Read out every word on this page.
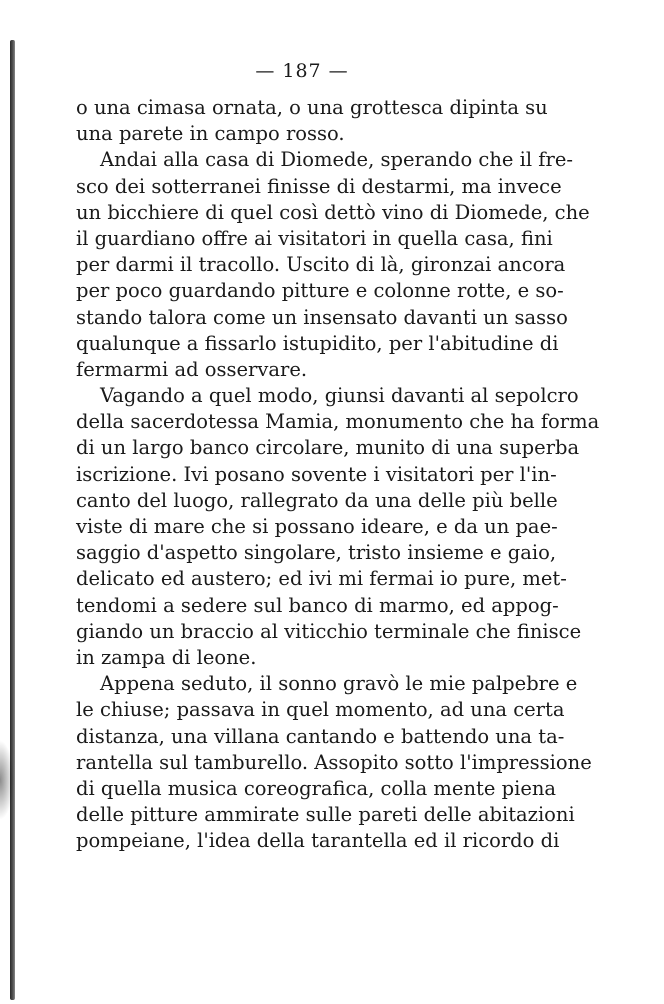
— 187 —
o una cimasa ornata, o una grottesca dipinta su
una parete in campo rosso.
Andai alla casa di Diomede, sperando che il fre-
sco dei sotterranei finisse di destarmi, ma invece
un bicchiere di quel così dettò vino di Diomede, che
il guardiano offre ai visitatori in quella casa, fini
per darmi il tracollo. Uscito di là, gironzai ancora
per poco guardando pitture e colonne rotte, e so-
stando talora come un insensato davanti un sasso
qualunque a fissarlo istupidito, per l'abitudine di
fermarmi ad osservare.
Vagando a quel modo, giunsi davanti al sepolcro
della sacerdotessa Mamia, monumento che ha forma
di un largo banco circolare, munito di una superba
iscrizione. Ivi posano sovente i visitatori per l'in-
canto del luogo, rallegrato da una delle più belle
viste di mare che si possano ideare, e da un pae-
saggio d'aspetto singolare, tristo insieme e gaio,
delicato ed austero; ed ivi mi fermai io pure, met-
tendomi a sedere sul banco di marmo, ed appog-
giando un braccio al viticchio terminale che finisce
in zampa di leone.
Appena seduto, il sonno gravò le mie palpebre e
le chiuse; passava in quel momento, ad una certa
distanza, una villana cantando e battendo una ta-
rantella sul tamburello. Assopito sotto l'impressione
di quella musica coreografica, colla mente piena
delle pitture ammirate sulle pareti delle abitazioni
pompeiane, l'idea della tarantella ed il ricordo di
